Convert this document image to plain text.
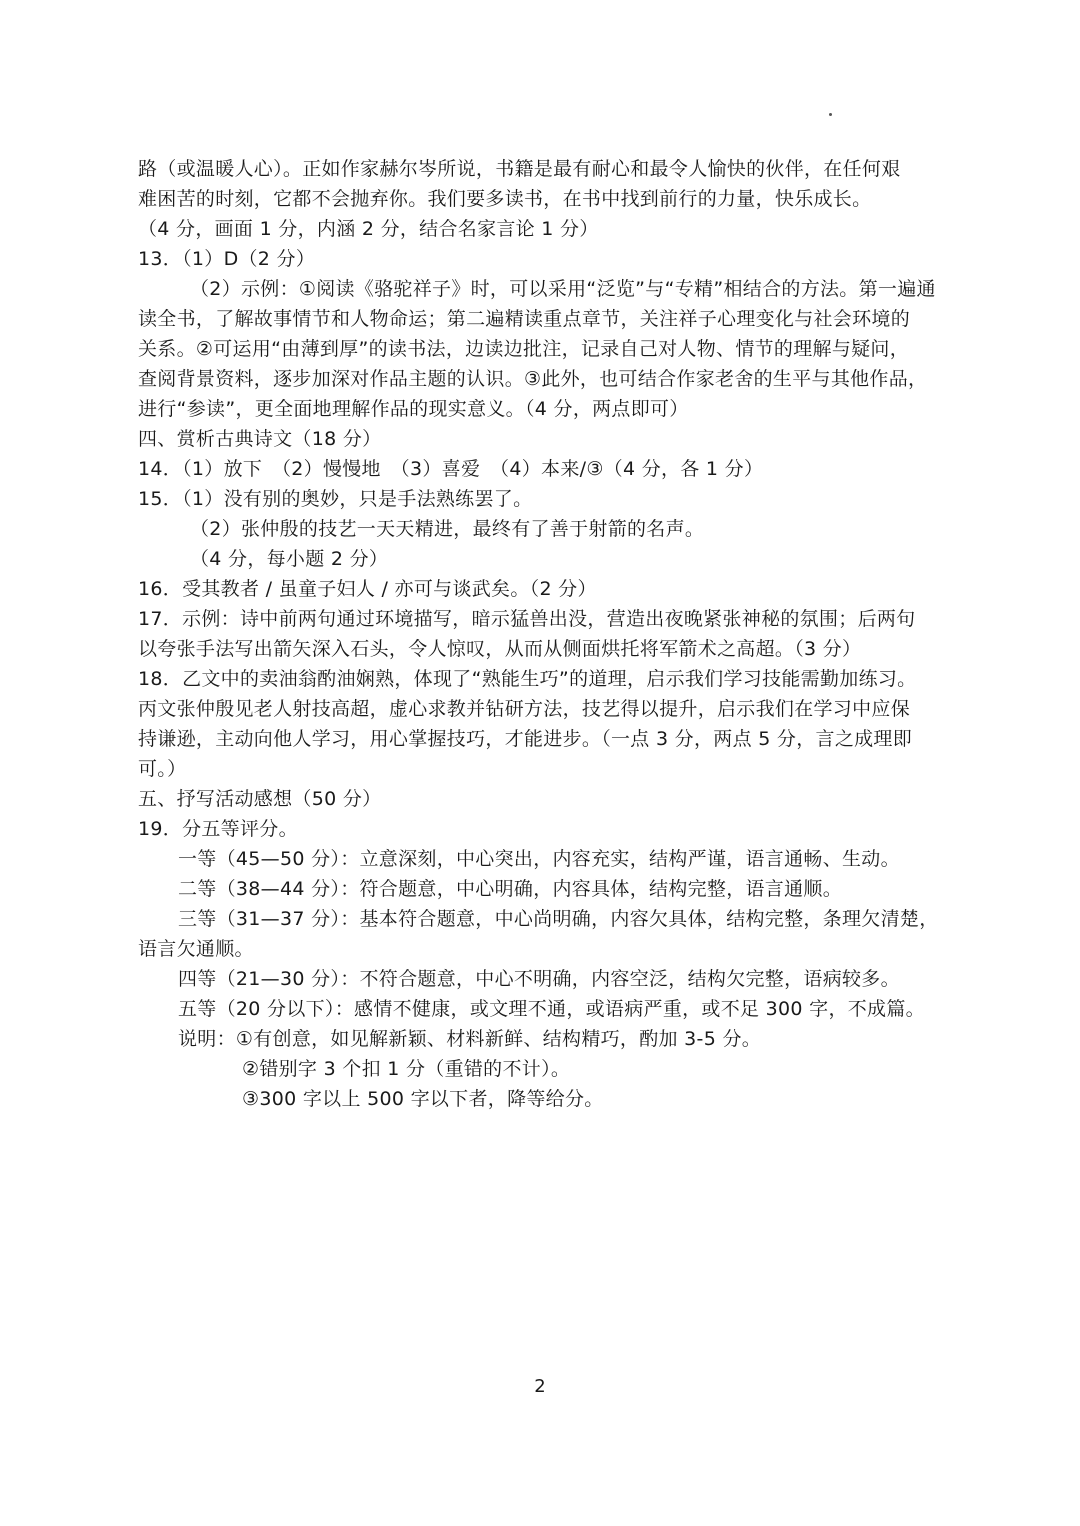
路（或温暖人心）。正如作家赫尔岑所说，书籍是最有耐心和最令人愉快的伙伴，在任何艰
难困苦的时刻，它都不会抛弃你。我们要多读书，在书中找到前行的力量，快乐成长。
（4 分，画面 1 分，内涵 2 分，结合名家言论 1 分）
13．（1）D（2 分）
（2）示例：①阅读《骆驼祥子》时，可以采用“泛览”与“专精”相结合的方法。第一遍通
读全书，了解故事情节和人物命运；第二遍精读重点章节，关注祥子心理变化与社会环境的
关系。②可运用“由薄到厚”的读书法，边读边批注，记录自己对人物、情节的理解与疑问，
查阅背景资料，逐步加深对作品主题的认识。③此外，也可结合作家老舍的生平与其他作品，
进行“参读”，更全面地理解作品的现实意义。（4 分，两点即可）
四、赏析古典诗文（18 分）
14．（1）放下　（2）慢慢地　（3）喜爱　（4）本来/③（4 分，各 1 分）
15．（1）没有别的奥妙，只是手法熟练罢了。
（2）张仲殷的技艺一天天精进，最终有了善于射箭的名声。
（4 分，每小题 2 分）
16．受其教者 / 虽童子妇人 / 亦可与谈武矣。（2 分）
17．示例：诗中前两句通过环境描写，暗示猛兽出没，营造出夜晚紧张神秘的氛围；后两句
以夸张手法写出箭矢深入石头，令人惊叹，从而从侧面烘托将军箭术之高超。（3 分）
18．乙文中的卖油翁酌油娴熟，体现了“熟能生巧”的道理，启示我们学习技能需勤加练习。
丙文张仲殷见老人射技高超，虚心求教并钻研方法，技艺得以提升，启示我们在学习中应保
持谦逊，主动向他人学习，用心掌握技巧，才能进步。（一点 3 分，两点 5 分，言之成理即
可。）
五、抒写活动感想（50 分）
19．分五等评分。
一等（45—50 分）：立意深刻，中心突出，内容充实，结构严谨，语言通畅、生动。
二等（38—44 分）：符合题意，中心明确，内容具体，结构完整，语言通顺。
三等（31—37 分）：基本符合题意，中心尚明确，内容欠具体，结构完整，条理欠清楚，
语言欠通顺。
四等（21—30 分）：不符合题意，中心不明确，内容空泛，结构欠完整，语病较多。
五等（20 分以下）：感情不健康，或文理不通，或语病严重，或不足 300 字，不成篇。
说明：①有创意，如见解新颖、材料新鲜、结构精巧，酌加 3-5 分。
②错别字 3 个扣 1 分（重错的不计）。
③300 字以上 500 字以下者，降等给分。
2
